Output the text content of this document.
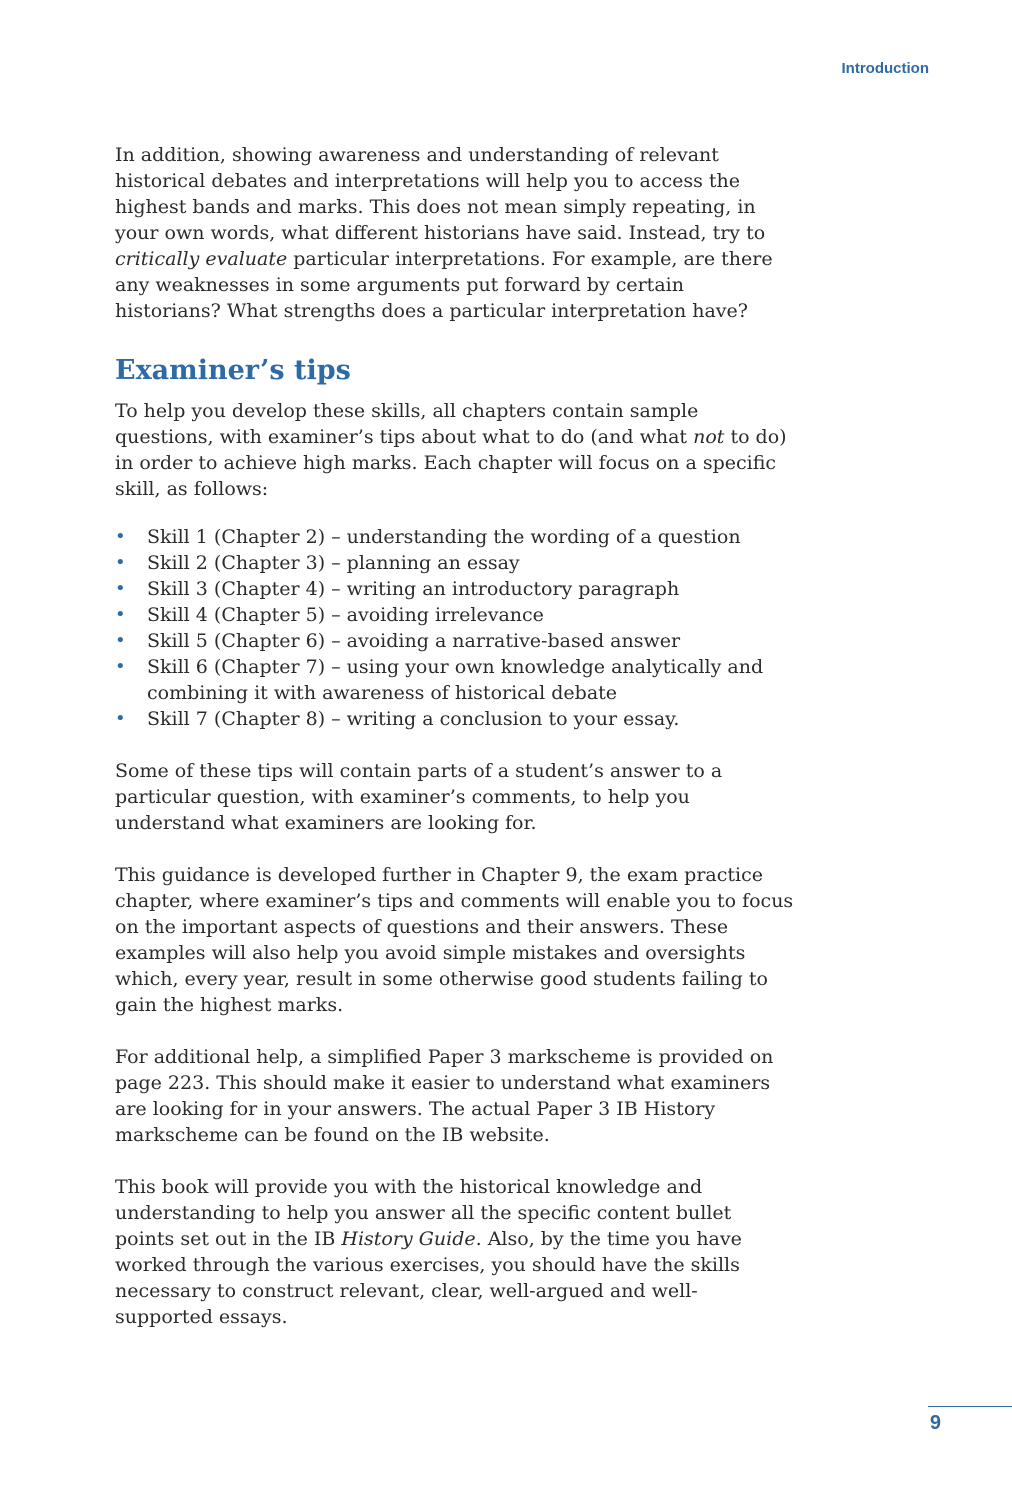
Introduction

In addition, showing awareness and understanding of relevant historical debates and interpretations will help you to access the highest bands and marks. This does not mean simply repeating, in your own words, what different historians have said. Instead, try to critically evaluate particular interpretations. For example, are there any weaknesses in some arguments put forward by certain historians? What strengths does a particular interpretation have?

Examiner’s tips

To help you develop these skills, all chapters contain sample questions, with examiner’s tips about what to do (and what not to do) in order to achieve high marks. Each chapter will focus on a specific skill, as follows:

• Skill 1 (Chapter 2) – understanding the wording of a question
• Skill 2 (Chapter 3) – planning an essay
• Skill 3 (Chapter 4) – writing an introductory paragraph
• Skill 4 (Chapter 5) – avoiding irrelevance
• Skill 5 (Chapter 6) – avoiding a narrative-based answer
• Skill 6 (Chapter 7) – using your own knowledge analytically and combining it with awareness of historical debate
• Skill 7 (Chapter 8) – writing a conclusion to your essay.

Some of these tips will contain parts of a student’s answer to a particular question, with examiner’s comments, to help you understand what examiners are looking for.

This guidance is developed further in Chapter 9, the exam practice chapter, where examiner’s tips and comments will enable you to focus on the important aspects of questions and their answers. These examples will also help you avoid simple mistakes and oversights which, every year, result in some otherwise good students failing to gain the highest marks.

For additional help, a simplified Paper 3 markscheme is provided on page 223. This should make it easier to understand what examiners are looking for in your answers. The actual Paper 3 IB History markscheme can be found on the IB website.

This book will provide you with the historical knowledge and understanding to help you answer all the specific content bullet points set out in the IB History Guide. Also, by the time you have worked through the various exercises, you should have the skills necessary to construct relevant, clear, well-argued and well-supported essays.

9
